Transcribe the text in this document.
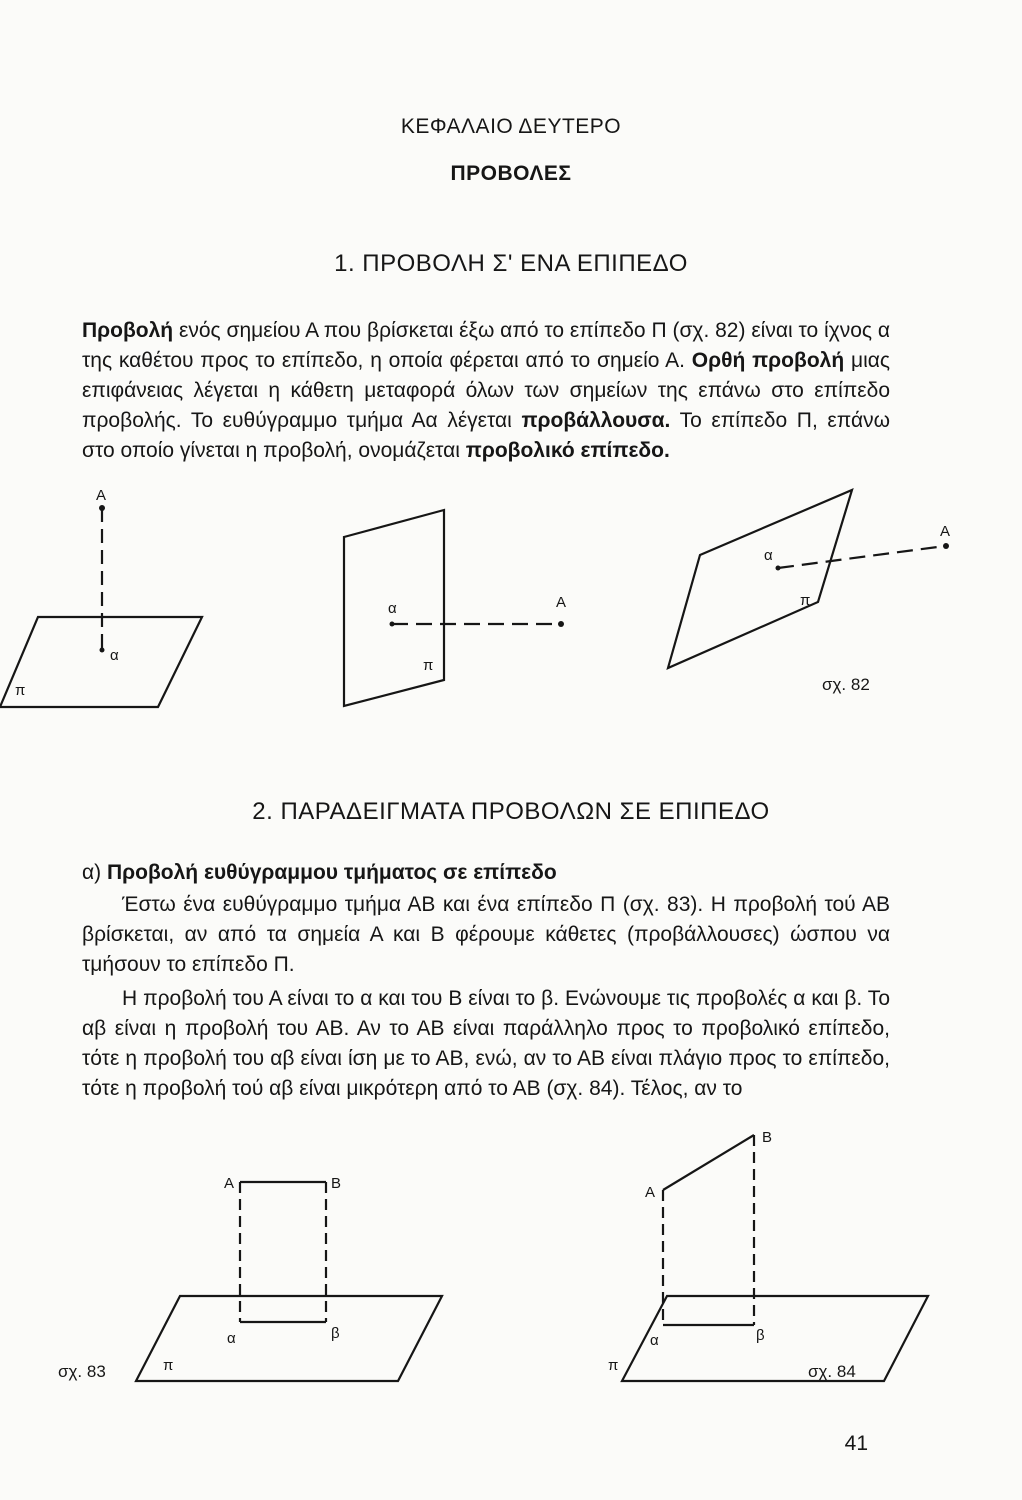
ΚΕΦΑΛΑΙΟ ΔΕΥΤΕΡΟ
ΠΡΟΒΟΛΕΣ
1. ΠΡΟΒΟΛΗ Σ' ΕΝΑ ΕΠΙΠΕΔΟ

Προβολή ενός σημείου Α που βρίσκεται έξω από το επίπεδο Π (σχ. 82) είναι το ίχνος α της καθέτου προς το επίπεδο, η οποία φέρεται από το σημείο Α. Ορθή προβολή μιας επιφάνειας λέγεται η κάθετη μεταφορά όλων των σημείων της επάνω στο επίπεδο προβολής. Το ευθύγραμμο τμήμα Αα λέγεται προβάλλουσα. Το επίπεδο Π, επάνω στο οποίο γίνεται η προβολή, ονομάζεται προβολικό επίπεδο.

Α
α
π
Α
α
π
Α
α
π
σχ. 82
2. ΠΑΡΑΔΕΙΓΜΑΤΑ ΠΡΟΒΟΛΩΝ ΣΕ ΕΠΙΠΕΔΟ
α) Προβολή ευθύγραμμου τμήματος σε επίπεδο

Έστω ένα ευθύγραμμο τμήμα ΑΒ και ένα επίπεδο Π (σχ. 83). Η προβολή τού ΑΒ βρίσκεται, αν από τα σημεία Α και Β φέρουμε κάθετες (προβάλλουσες) ώσπου να τμήσουν το επίπεδο Π.

Η προβολή του Α είναι το α και του Β είναι το β. Ενώνουμε τις προβολές α και β. Το αβ είναι η προβολή του ΑΒ. Αν το ΑΒ είναι παράλληλο προς το προβολικό επίπεδο, τότε η προβολή του αβ είναι ίση με το ΑΒ, ενώ, αν το ΑΒ είναι πλάγιο προς το επίπεδο, τότε η προβολή τού αβ είναι μικρότερη από το ΑΒ (σχ. 84). Τέλος, αν το

Α	Β
α	β
π
σχ. 83
Α
Β
α	β
π	σχ. 84
41
